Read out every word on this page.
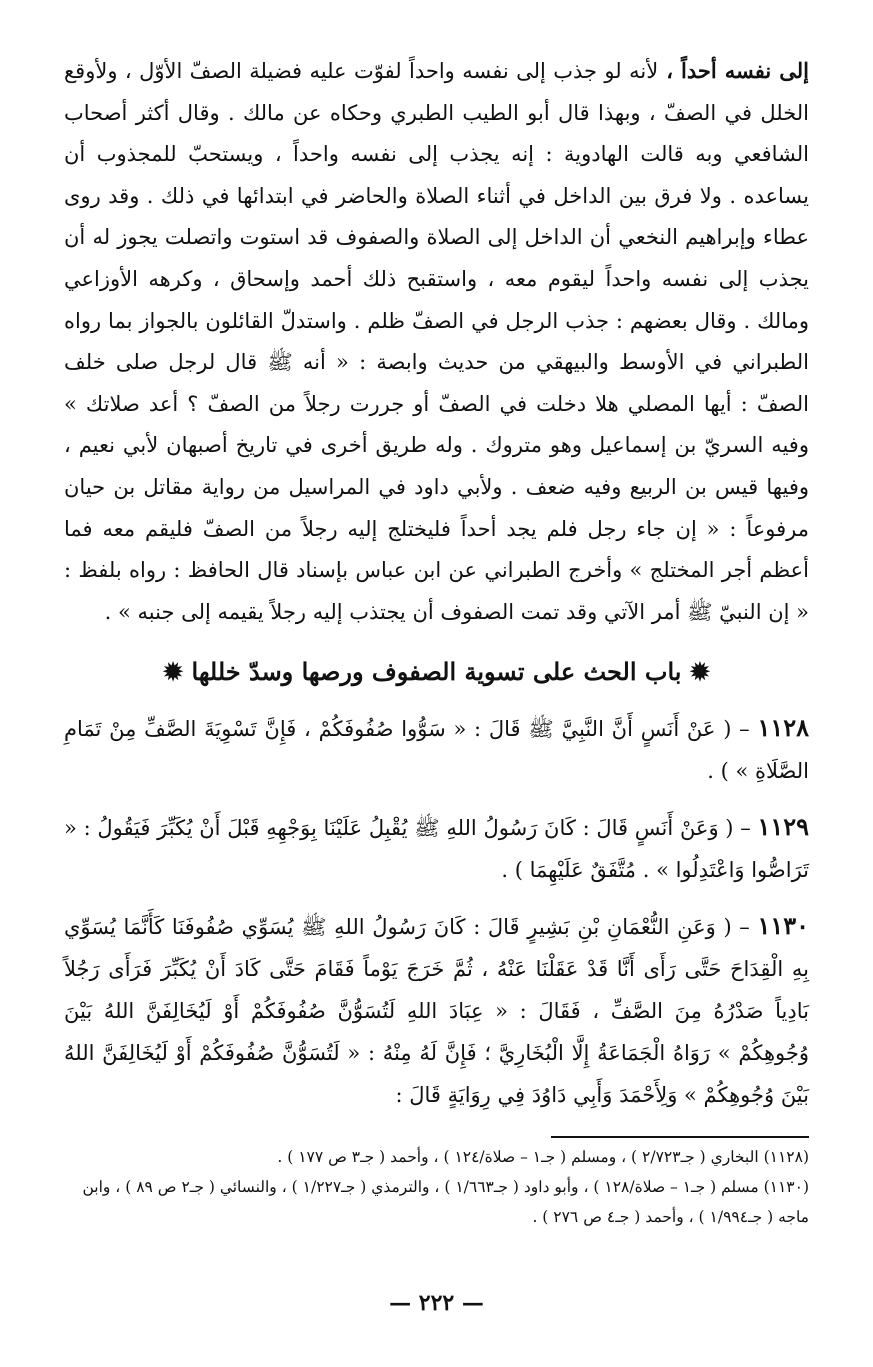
إلى نفسه أحداً ، لأنه لو جذب إلى نفسه واحداً لفوّت عليه فضيلة الصفّ الأوّل ، ولأوقع الخلل في الصفّ ، وبهذا قال أبو الطيب الطبري وحكاه عن مالك . وقال أكثر أصحاب الشافعي وبه قالت الهادوية : إنه يجذب إلى نفسه واحداً ، ويستحبّ للمجذوب أن يساعده . ولا فرق بين الداخل في أثناء الصلاة والحاضر في ابتدائها في ذلك . وقد روى عطاء وإبراهيم النخعي أن الداخل إلى الصلاة والصفوف قد استوت واتصلت يجوز له أن يجذب إلى نفسه واحداً ليقوم معه ، واستقبح ذلك أحمد وإسحاق ، وكرهه الأوزاعي ومالك . وقال بعضهم : جذب الرجل في الصفّ ظلم . واستدلّ القائلون بالجواز بما رواه الطبراني في الأوسط والبيهقي من حديث وابصة : « أنه ﷺ قال لرجل صلى خلف الصفّ : أيها المصلي هلا دخلت في الصفّ أو جررت رجلاً من الصفّ ؟ أعد صلاتك » وفيه السريّ بن إسماعيل وهو متروك . وله طريق أخرى في تاريخ أصبهان لأبي نعيم ، وفيها قيس بن الربيع وفيه ضعف . ولأبي داود في المراسيل من رواية مقاتل بن حيان مرفوعاً : « إن جاء رجل فلم يجد أحداً فليختلج إليه رجلاً من الصفّ فليقم معه فما أعظم أجر المختلج » وأخرج الطبراني عن ابن عباس بإسناد قال الحافظ : رواه بلفظ : « إن النبيّ ﷺ أمر الآتي وقد تمت الصفوف أن يجتذب إليه رجلاً يقيمه إلى جنبه » .

✹ باب الحث على تسوية الصفوف ورصها وسدّ خللها ✹

١١٢٨ – ( عَنْ أَنَسٍ أَنَّ النَّبِيَّ ﷺ قَالَ : « سَوُّوا صُفُوفَكُمْ ، فَإِنَّ تَسْوِيَةَ الصَّفِّ مِنْ تَمَامِ الصَّلَاةِ » ) .

١١٢٩ – ( وَعَنْ أَنَسٍ قَالَ : كَانَ رَسُولُ اللهِ ﷺ يُقْبِلُ عَلَيْنَا بِوَجْهِهِ قَبْلَ أَنْ يُكَبِّرَ فَيَقُولُ : « تَرَاصُّوا وَاعْتَدِلُوا » . مُتَّفَقٌ عَلَيْهِمَا ) .

١١٣٠ – ( وَعَنِ النُّعْمَانِ بْنِ بَشِيرٍ قَالَ : كَانَ رَسُولُ اللهِ ﷺ يُسَوِّي صُفُوفَنَا كَأَنَّمَا يُسَوِّي بِهِ الْقِدَاحَ حَتَّى رَأَى أَنَّا قَدْ عَقَلْنَا عَنْهُ ، ثُمَّ خَرَجَ يَوْماً فَقَامَ حَتَّى كَادَ أَنْ يُكَبِّرَ فَرَأَى رَجُلاً بَادِياً صَدْرُهُ مِنَ الصَّفِّ ، فَقَالَ : « عِبَادَ اللهِ لَتُسَوُّنَّ صُفُوفَكُمْ أَوْ لَيُخَالِفَنَّ اللهُ بَيْنَ وُجُوهِكُمْ » رَوَاهُ الْجَمَاعَةُ إِلَّا الْبُخَارِيَّ ؛ فَإِنَّ لَهُ مِنْهُ : « لَتُسَوُّنَّ صُفُوفَكُمْ أَوْ لَيُخَالِفَنَّ اللهُ بَيْنَ وُجُوهِكُمْ » وَلِأَحْمَدَ وَأَبِي دَاوُدَ فِي رِوَايَةٍ قَالَ :

(١١٢٨) البخاري ( جـ٢/٧٢٣ ) ، ومسلم ( جـ١ – صلاة/١٢٤ ) ، وأحمد ( جـ٣ ص ١٧٧ ) .

(١١٣٠) مسلم ( جـ١ – صلاة/١٢٨ ) ، وأبو داود ( جـ١/٦٦٣ ) ، والترمذي ( جـ١/٢٢٧ ) ، والنسائي ( جـ٢ ص ٨٩ ) ، وابن ماجه ( جـ١/٩٩٤ ) ، وأحمد ( جـ٤ ص ٢٧٦ ) .

— ٢٢٢ —
